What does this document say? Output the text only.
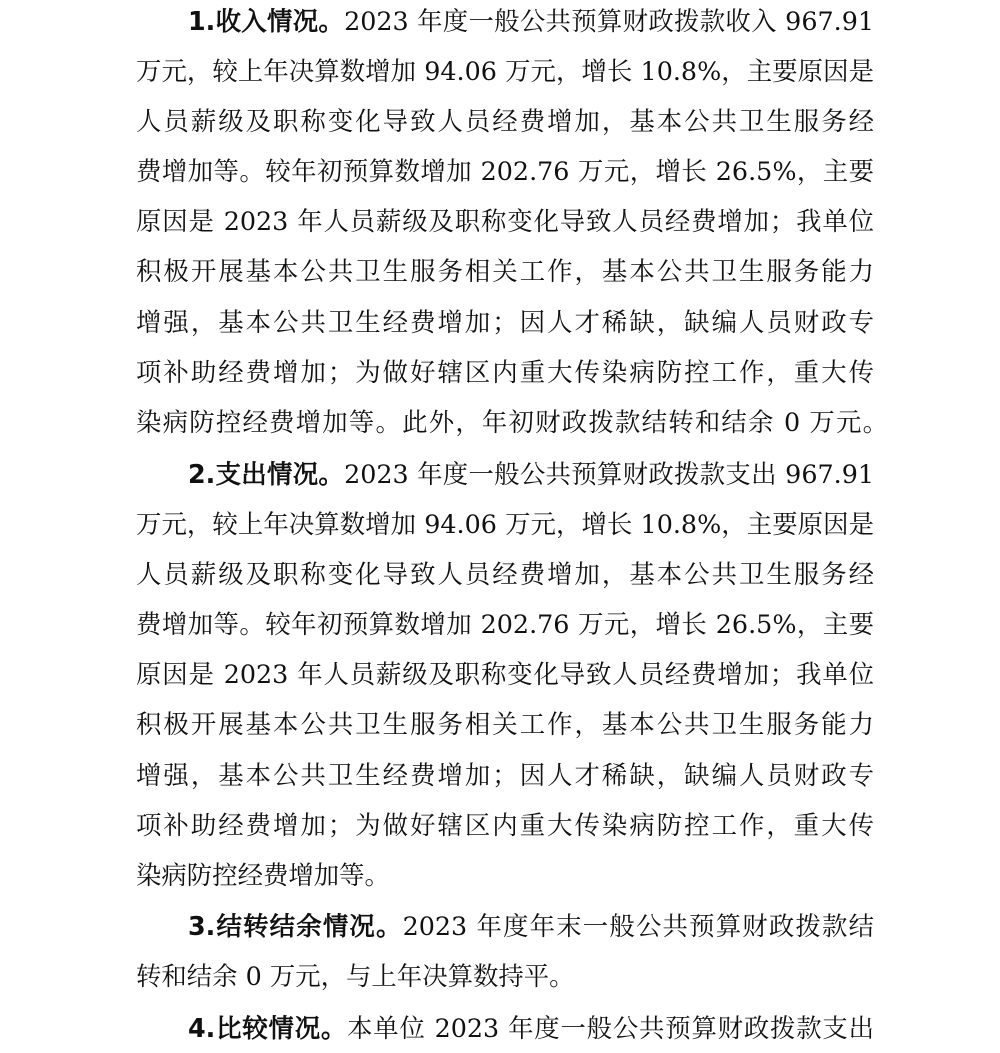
1.收入情况。2023 年度一般公共预算财政拨款收入 967.91
万元，较上年决算数增加 94.06 万元，增长 10.8%，主要原因是
人员薪级及职称变化导致人员经费增加，基本公共卫生服务经
费增加等。较年初预算数增加 202.76 万元，增长 26.5%，主要
原因是 2023 年人员薪级及职称变化导致人员经费增加；我单位
积极开展基本公共卫生服务相关工作，基本公共卫生服务能力
增强，基本公共卫生经费增加；因人才稀缺，缺编人员财政专
项补助经费增加；为做好辖区内重大传染病防控工作，重大传
染病防控经费增加等。此外，年初财政拨款结转和结余 0 万元。
2.支出情况。2023 年度一般公共预算财政拨款支出 967.91
万元，较上年决算数增加 94.06 万元，增长 10.8%，主要原因是
人员薪级及职称变化导致人员经费增加，基本公共卫生服务经
费增加等。较年初预算数增加 202.76 万元，增长 26.5%，主要
原因是 2023 年人员薪级及职称变化导致人员经费增加；我单位
积极开展基本公共卫生服务相关工作，基本公共卫生服务能力
增强，基本公共卫生经费增加；因人才稀缺，缺编人员财政专
项补助经费增加；为做好辖区内重大传染病防控工作，重大传
染病防控经费增加等。
3.结转结余情况。2023 年度年末一般公共预算财政拨款结
转和结余 0 万元，与上年决算数持平。
4.比较情况。本单位 2023 年度一般公共预算财政拨款支出
